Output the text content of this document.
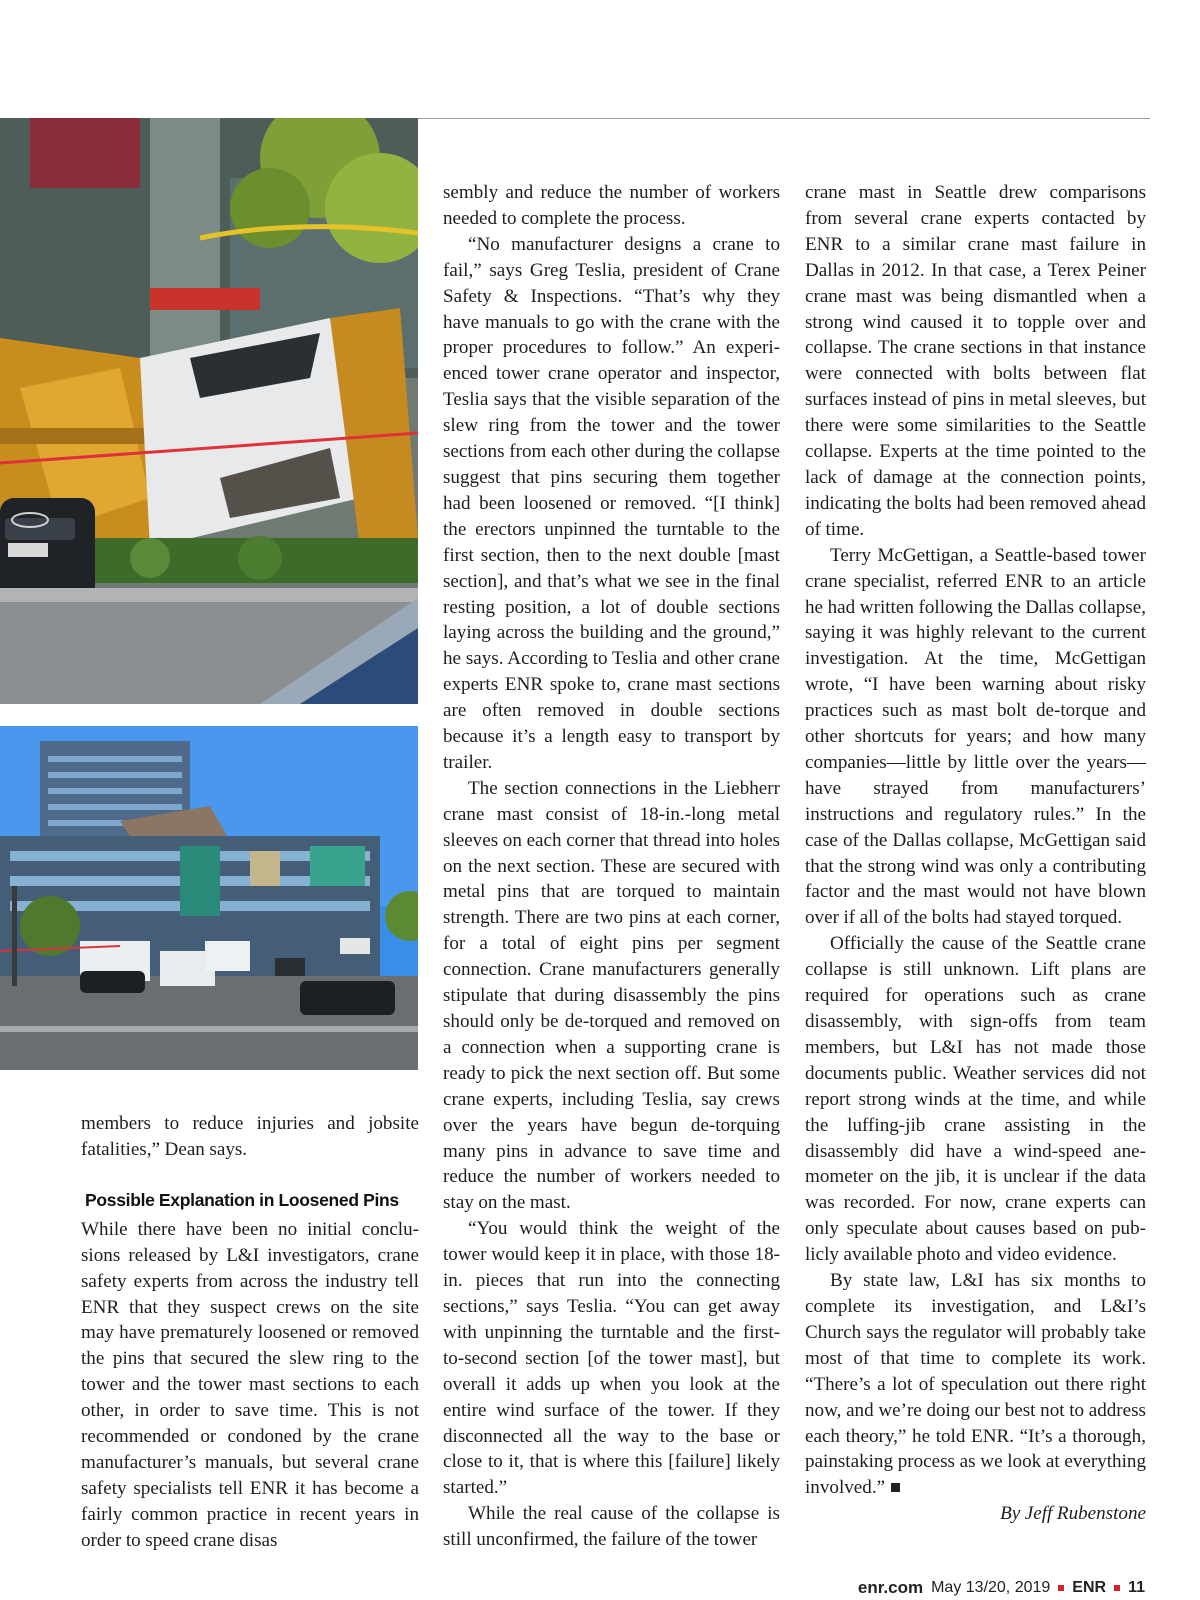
members to reduce injuries and jobsite fatalities,” Dean says.

Possible Explanation in Loosened Pins

While there have been no initial conclusions released by L&I investigators, crane safety experts from across the industry tell ENR that they suspect crews on the site may have prematurely loosened or removed the pins that secured the slew ring to the tower and the tower mast sections to each other, in order to save time. This is not recommended or condoned by the crane manufacturer’s manuals, but several crane safety specialists tell ENR it has become a fairly common practice in recent years in order to speed crane disas

sembly and reduce the number of workers needed to complete the process.

“No manufacturer designs a crane to fail,” says Greg Teslia, president of Crane Safety & Inspections. “That’s why they have manuals to go with the crane with the proper procedures to follow.” An experienced tower crane operator and inspector, Teslia says that the visible separation of the slew ring from the tower and the tower sections from each other during the collapse suggest that pins securing them together had been loosened or removed. “[I think] the erectors unpinned the turntable to the first section, then to the next double [mast section], and that’s what we see in the final resting position, a lot of double sections laying across the building and the ground,” he says. According to Teslia and other crane experts ENR spoke to, crane mast sections are often removed in double sections because it’s a length easy to transport by trailer.

The section connections in the Liebherr crane mast consist of 18-in.-long metal sleeves on each corner that thread into holes on the next section. These are secured with metal pins that are torqued to maintain strength. There are two pins at each corner, for a total of eight pins per segment connection. Crane manufacturers generally stipulate that during disassembly the pins should only be de-torqued and removed on a connection when a supporting crane is ready to pick the next section off. But some crane experts, including Teslia, say crews over the years have begun de-torquing many pins in advance to save time and reduce the number of workers needed to stay on the mast.

“You would think the weight of the tower would keep it in place, with those 18-in. pieces that run into the connecting sections,” says Teslia. “You can get away with unpinning the turntable and the first-to-second section [of the tower mast], but overall it adds up when you look at the entire wind surface of the tower. If they disconnected all the way to the base or close to it, that is where this [failure] likely started.”

While the real cause of the collapse is still unconfirmed, the failure of the tower

crane mast in Seattle drew comparisons from several crane experts contacted by ENR to a similar crane mast failure in Dallas in 2012. In that case, a Terex Peiner crane mast was being dismantled when a strong wind caused it to topple over and collapse. The crane sections in that instance were connected with bolts between flat surfaces instead of pins in metal sleeves, but there were some similarities to the Seattle collapse. Experts at the time pointed to the lack of damage at the connection points, indicating the bolts had been removed ahead of time.

Terry McGettigan, a Seattle-based tower crane specialist, referred ENR to an article he had written following the Dallas collapse, saying it was highly relevant to the current investigation. At the time, McGettigan wrote, “I have been warning about risky practices such as mast bolt de-torque and other shortcuts for years; and how many companies—little by little over the years—have strayed from manufacturers’ instructions and regulatory rules.” In the case of the Dallas collapse, McGettigan said that the strong wind was only a contributing factor and the mast would not have blown over if all of the bolts had stayed torqued.

Officially the cause of the Seattle crane collapse is still unknown. Lift plans are required for operations such as crane disassembly, with sign-offs from team members, but L&I has not made those documents public. Weather services did not report strong winds at the time, and while the luffing-jib crane assisting in the disassembly did have a wind-speed anemometer on the jib, it is unclear if the data was recorded. For now, crane experts can only speculate about causes based on publicly available photo and video evidence.

By state law, L&I has six months to complete its investigation, and L&I’s Church says the regulator will probably take most of that time to complete its work. “There’s a lot of speculation out there right now, and we’re doing our best not to address each theory,” he told ENR. “It’s a thorough, painstaking process as we look at everything involved.”

By Jeff Rubenstone

enr.com May 13/20, 2019 ENR 11
